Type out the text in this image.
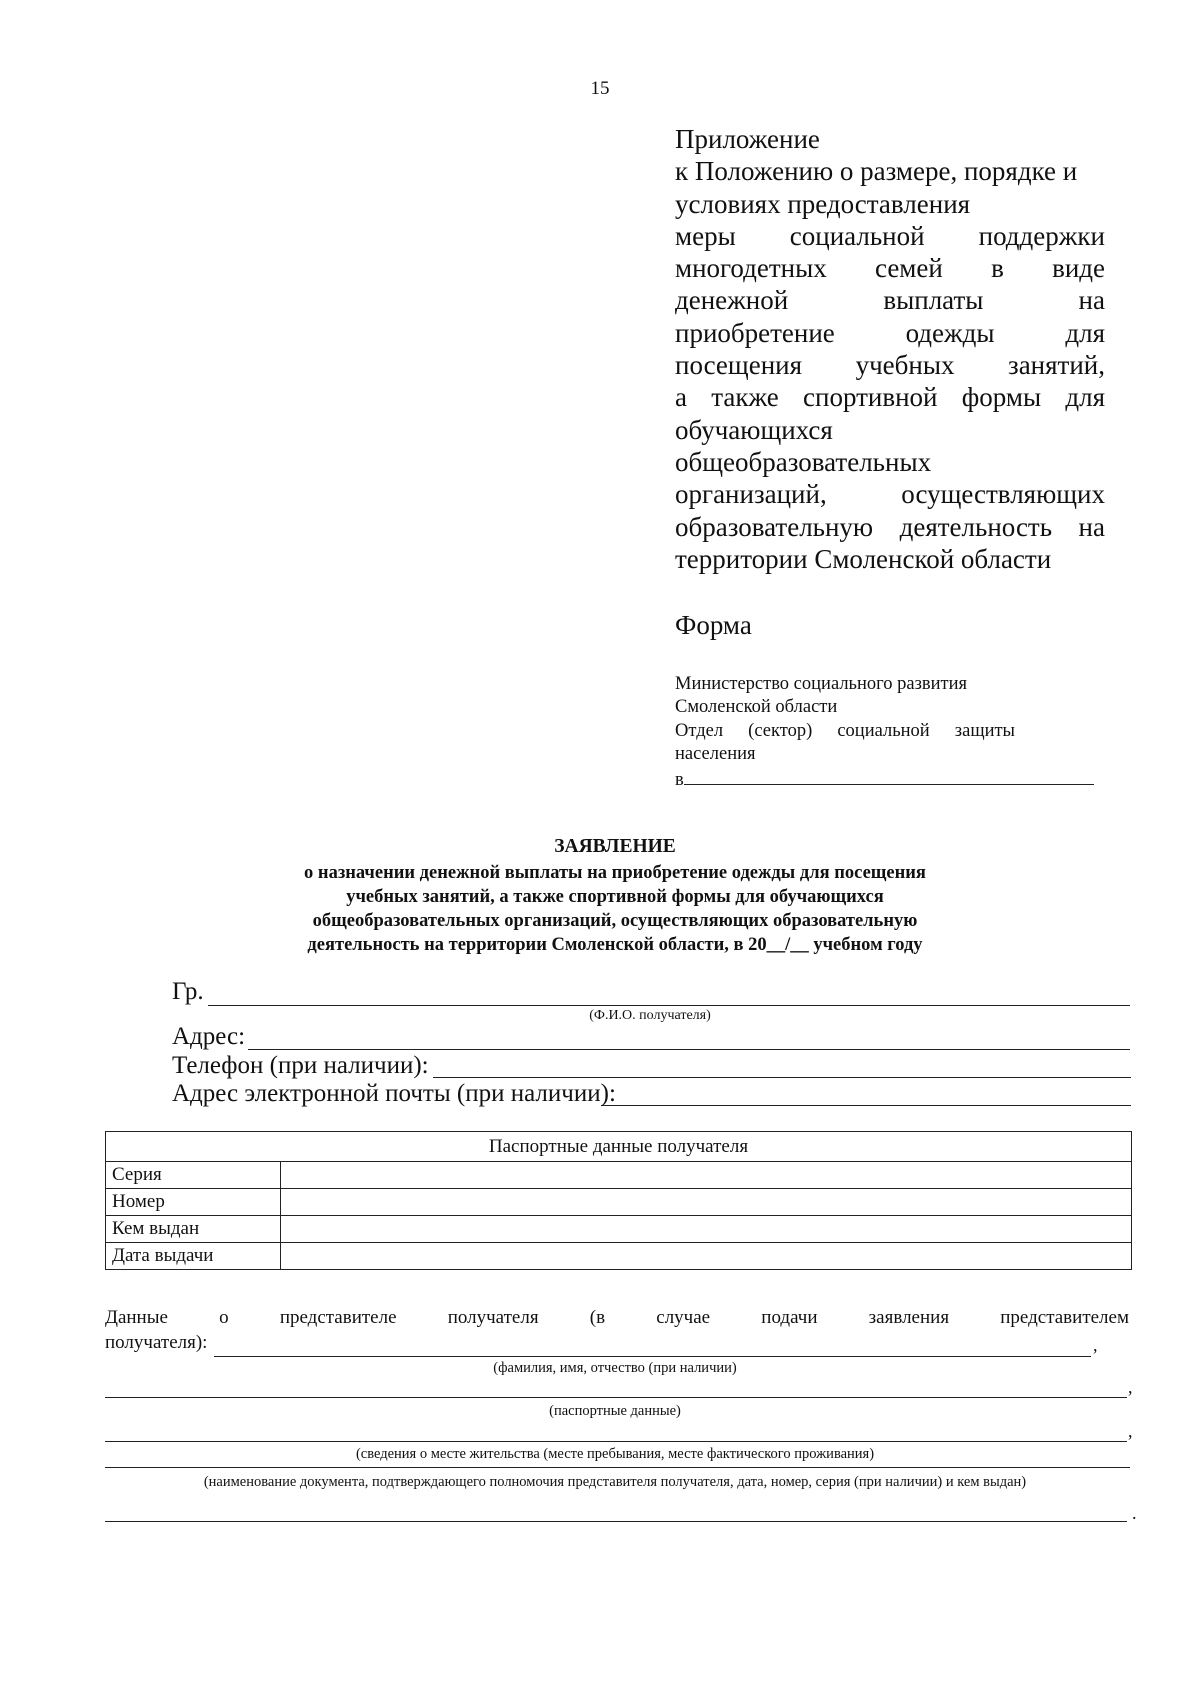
15
Приложение
к Положению о размере, порядке и
условиях предоставления
меры социальной поддержки
многодетных семей в виде
денежной выплаты на
приобретение одежды для
посещения учебных занятий,
а также спортивной формы для
обучающихся
общеобразовательных
организаций, осуществляющих
образовательную деятельность на
территории Смоленской области
Форма
Министерство социального развития
Смоленской области
Отдел (сектор) социальной защиты
населения
в
ЗАЯВЛЕНИЕ
о назначении денежной выплаты на приобретение одежды для посещения
учебных занятий, а также спортивной формы для обучающихся
общеобразовательных организаций, осуществляющих образовательную
деятельность на территории Смоленской области, в 20__/__ учебном году
Гр.
(Ф.И.О. получателя)
Адрес:
Телефон (при наличии):
Адрес электронной почты (при наличии):
Паспортные данные получателя	
Серия	
Номер	
Кем выдан	
Дата выдачи	
Данные о представителе получателя (в случае подачи заявления представителем
получателя):	,
(фамилия, имя, отчество (при наличии)
,
(паспортные данные)
,
(сведения о месте жительства (месте пребывания, месте фактического проживания)
(наименование документа, подтверждающего полномочия представителя получателя, дата, номер, серия (при наличии) и кем выдан)
.
